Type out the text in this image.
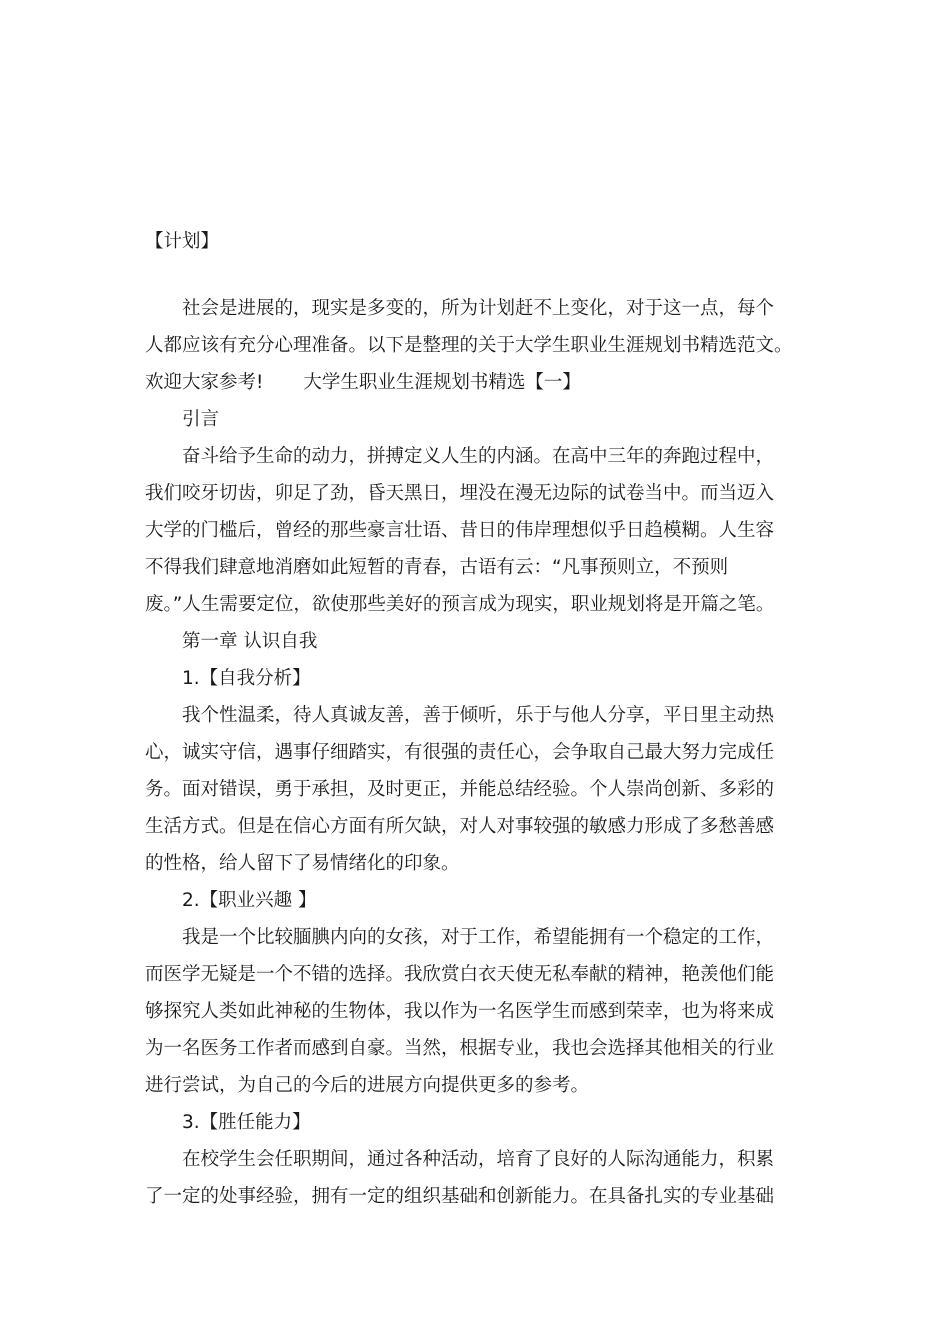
【计划】
社会是进展的，现实是多变的，所为计划赶不上变化，对于这一点，每个
人都应该有充分心理准备。以下是整理的关于大学生职业生涯规划书精选范文。
欢迎大家参考! 大学生职业生涯规划书精选【一】
引言
奋斗给予生命的动力，拼搏定义人生的内涵。在高中三年的奔跑过程中，
我们咬牙切齿，卯足了劲，昏天黑日，埋没在漫无边际的试卷当中。而当迈入
大学的门槛后，曾经的那些豪言壮语、昔日的伟岸理想似乎日趋模糊。人生容
不得我们肆意地消磨如此短暂的青春，古语有云：“凡事预则立，不预则
废。”人生需要定位，欲使那些美好的预言成为现实，职业规划将是开篇之笔。
第一章 认识自我
1.【自我分析】
我个性温柔，待人真诚友善，善于倾听，乐于与他人分享，平日里主动热
心，诚实守信，遇事仔细踏实，有很强的责任心，会争取自己最大努力完成任
务。面对错误，勇于承担，及时更正，并能总结经验。个人崇尚创新、多彩的
生活方式。但是在信心方面有所欠缺，对人对事较强的敏感力形成了多愁善感
的性格，给人留下了易情绪化的印象。
2.【职业兴趣 】
我是一个比较腼腆内向的女孩，对于工作，希望能拥有一个稳定的工作，
而医学无疑是一个不错的选择。我欣赏白衣天使无私奉献的精神，艳羡他们能
够探究人类如此神秘的生物体，我以作为一名医学生而感到荣幸，也为将来成
为一名医务工作者而感到自豪。当然，根据专业，我也会选择其他相关的行业
进行尝试，为自己的今后的进展方向提供更多的参考。
3.【胜任能力】
在校学生会任职期间，通过各种活动，培育了良好的人际沟通能力，积累
了一定的处事经验，拥有一定的组织基础和创新能力。在具备扎实的专业基础
